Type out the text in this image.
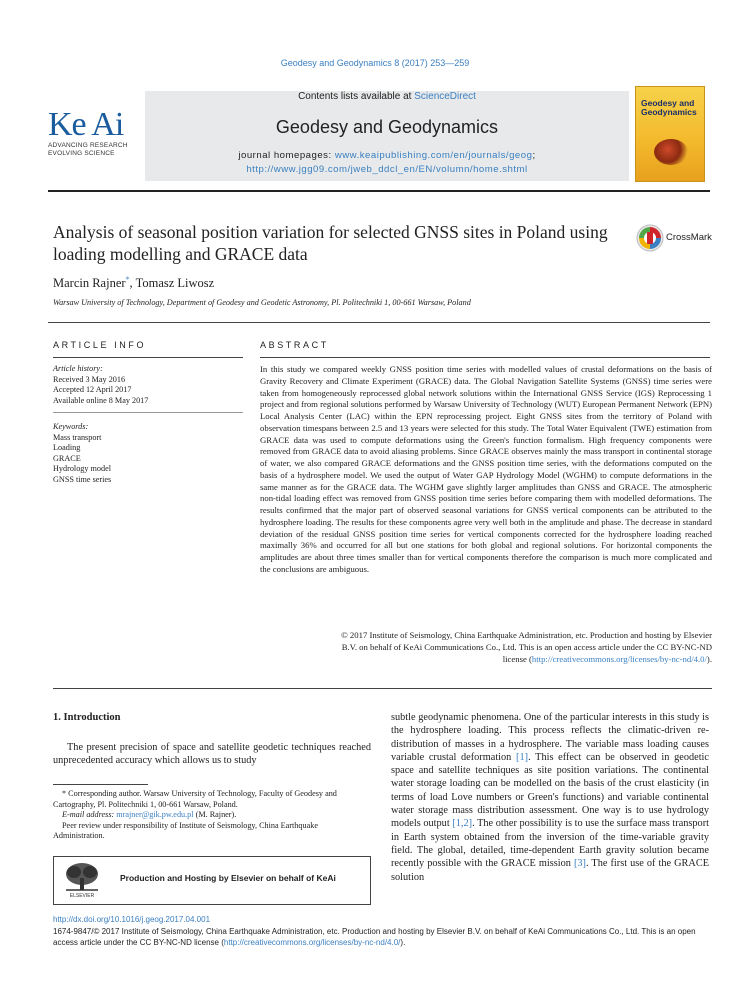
Geodesy and Geodynamics 8 (2017) 253—259
Ke Ai
ADVANCING RESEARCH
EVOLVING SCIENCE
Contents lists available at ScienceDirect
Geodesy and Geodynamics
journal homepages: www.keaipublishing.com/en/journals/geog;
http://www.jgg09.com/jweb_ddcl_en/EN/volumn/home.shtml
Geodesy and Geodynamics
Analysis of seasonal position variation for selected GNSS sites in Poland using loading modelling and GRACE data
CrossMark
Marcin Rajner*, Tomasz Liwosz
Warsaw University of Technology, Department of Geodesy and Geodetic Astronomy, Pl. Politechniki 1, 00-661 Warsaw, Poland
ARTICLE INFO	ABSTRACT
Article history:
Received 3 May 2016
Accepted 12 April 2017
Available online 8 May 2017
Keywords:
Mass transport
Loading
GRACE
Hydrology model
GNSS time series
In this study we compared weekly GNSS position time series with modelled values of crustal deformations on the basis of Gravity Recovery and Climate Experiment (GRACE) data. The Global Navigation Satellite Systems (GNSS) time series were taken from homogeneously reprocessed global network solutions within the International GNSS Service (IGS) Reprocessing 1 project and from regional solutions performed by Warsaw University of Technology (WUT) European Permanent Network (EPN) Local Analysis Center (LAC) within the EPN reprocessing project. Eight GNSS sites from the territory of Poland with observation timespans between 2.5 and 13 years were selected for this study. The Total Water Equivalent (TWE) estimation from GRACE data was used to compute deformations using the Green's function formalism. High frequency components were removed from GRACE data to avoid aliasing problems. Since GRACE observes mainly the mass transport in continental storage of water, we also compared GRACE deformations and the GNSS position time series, with the deformations computed on the basis of a hydrosphere model. We used the output of Water GAP Hydrology Model (WGHM) to compute deformations in the same manner as for the GRACE data. The WGHM gave slightly larger amplitudes than GNSS and GRACE. The atmospheric non-tidal loading effect was removed from GNSS position time series before comparing them with modelled deformations. The results confirmed that the major part of observed seasonal variations for GNSS vertical components can be attributed to the hydrosphere loading. The results for these components agree very well both in the amplitude and phase. The decrease in standard deviation of the residual GNSS position time series for vertical components corrected for the hydrosphere loading reached maximally 36% and occurred for all but one stations for both global and regional solutions. For horizontal components the amplitudes are about three times smaller than for vertical components therefore the comparison is much more complicated and the conclusions are ambiguous.
© 2017 Institute of Seismology, China Earthquake Administration, etc. Production and hosting by Elsevier
B.V. on behalf of KeAi Communications Co., Ltd. This is an open access article under the CC BY-NC-ND
license (http://creativecommons.org/licenses/by-nc-nd/4.0/).
1. Introduction
The present precision of space and satellite geodetic techniques reached unprecedented accuracy which allows us to study
subtle geodynamic phenomena. One of the particular interests in this study is the hydrosphere loading. This process reflects the climatic-driven re-distribution of masses in a hydrosphere. The variable mass loading causes variable crustal deformation [1]. This effect can be observed in geodetic space and satellite techniques as site position variations. The continental water storage loading can be modelled on the basis of the crust elasticity (in terms of load Love numbers or Green's functions) and variable continental water storage mass distribution assessment. One way is to use hydrology models output [1,2]. The other possibility is to use the surface mass transport in Earth system obtained from the inversion of the time-variable gravity field. The global, detailed, time-dependent Earth gravity solution became recently possible with the GRACE mission [3]. The first use of the GRACE solution

* Corresponding author. Warsaw University of Technology, Faculty of Geodesy and Cartography, Pl. Politechniki 1, 00-661 Warsaw, Poland.

E-mail address: mrajner@gik.pw.edu.pl (M. Rajner).

Peer review under responsibility of Institute of Seismology, China Earthquake Administration.

ELSEVIER
Production and Hosting by Elsevier on behalf of KeAi
http://dx.doi.org/10.1016/j.geog.2017.04.001
1674-9847/© 2017 Institute of Seismology, China Earthquake Administration, etc. Production and hosting by Elsevier B.V. on behalf of KeAi Communications Co., Ltd. This is an open access article under the CC BY-NC-ND license (http://creativecommons.org/licenses/by-nc-nd/4.0/).
